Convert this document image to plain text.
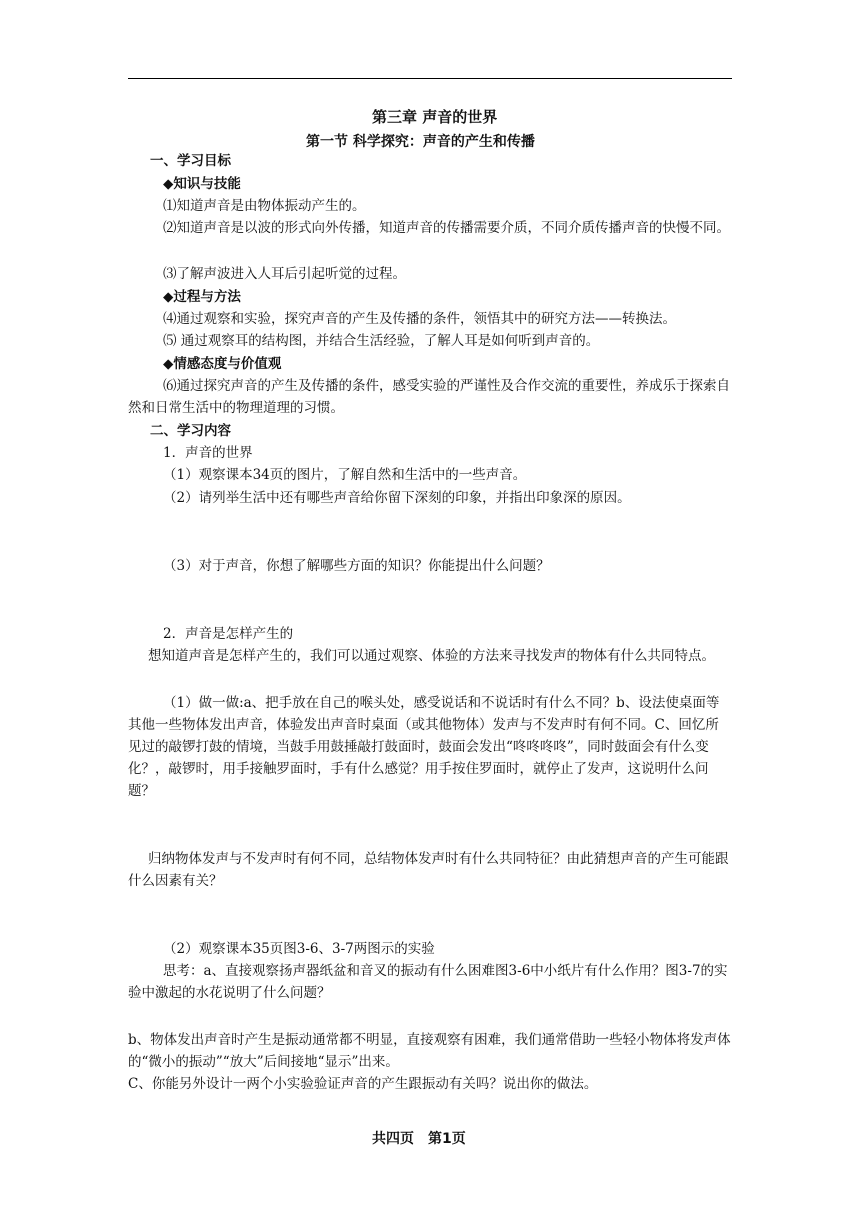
第三章 声音的世界
第一节 科学探究：声音的产生和传播
一、学习目标
◆知识与技能
⑴知道声音是由物体振动产生的。
⑵知道声音是以波的形式向外传播，知道声音的传播需要介质，不同介质传播声音的快慢不同。
⑶了解声波进入人耳后引起听觉的过程。
◆过程与方法
⑷通过观察和实验，探究声音的产生及传播的条件，领悟其中的研究方法——转换法。
⑸ 通过观察耳的结构图，并结合生活经验，了解人耳是如何听到声音的。
◆情感态度与价值观
⑹通过探究声音的产生及传播的条件，感受实验的严谨性及合作交流的重要性，养成乐于探索自然和日常生活中的物理道理的习惯。
二、学习内容
1．声音的世界
（1）观察课本34页的图片，了解自然和生活中的一些声音。
（2）请列举生活中还有哪些声音给你留下深刻的印象，并指出印象深的原因。
（3）对于声音，你想了解哪些方面的知识？你能提出什么问题？
2．声音是怎样产生的
想知道声音是怎样产生的，我们可以通过观察、体验的方法来寻找发声的物体有什么共同特点。
（1）做一做:a、把手放在自己的喉头处，感受说话和不说话时有什么不同？b、设法使桌面等其他一些物体发出声音，体验发出声音时桌面（或其他物体）发声与不发声时有何不同。C、回忆所见过的敲锣打鼓的情境，当鼓手用鼓捶敲打鼓面时，鼓面会发出“咚咚咚咚”，同时鼓面会有什么变化？，敲锣时，用手接触罗面时，手有什么感觉？用手按住罗面时，就停止了发声，这说明什么问题？
归纳物体发声与不发声时有何不同，总结物体发声时有什么共同特征？由此猜想声音的产生可能跟什么因素有关？
（2）观察课本35页图3-6、3-7两图示的实验
思考：a、直接观察扬声器纸盆和音叉的振动有什么困难图3-6中小纸片有什么作用？图3-7的实验中激起的水花说明了什么问题？
b、物体发出声音时产生是振动通常都不明显，直接观察有困难，我们通常借助一些轻小物体将发声体的“微小的振动”“放大”后间接地“显示”出来。
C、你能另外设计一两个小实验验证声音的产生跟振动有关吗？说出你的做法。
共四页　第1页
